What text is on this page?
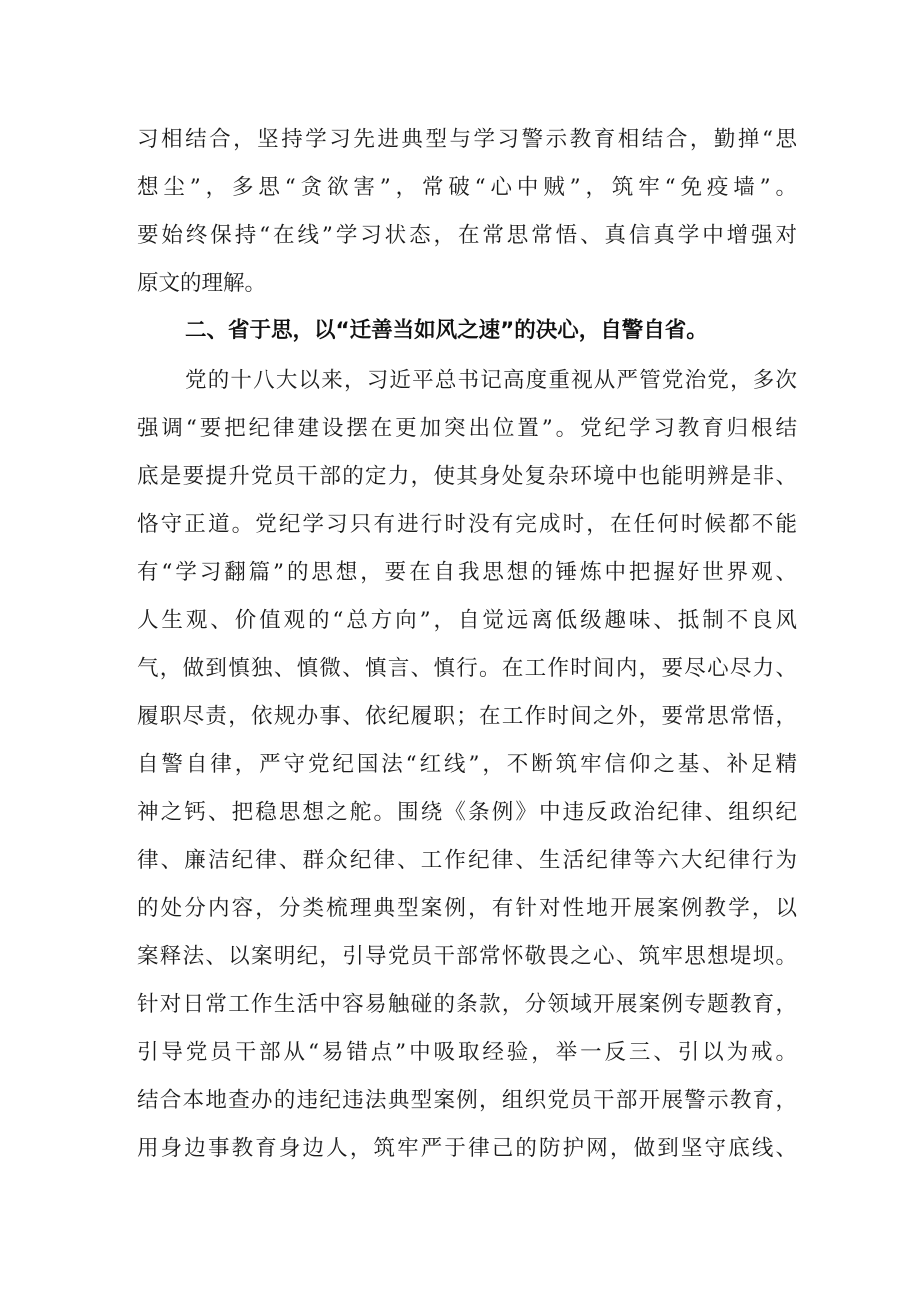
习相结合，坚持学习先进典型与学习警示教育相结合，勤掸“思
想尘”，多思“贪欲害”，常破“心中贼”，筑牢“免疫墙”。
要始终保持“在线”学习状态，在常思常悟、真信真学中增强对
原文的理解。
二、省于思，以“迁善当如风之速”的决心，自警自省。
党的十八大以来，习近平总书记高度重视从严管党治党，多次
强调“要把纪律建设摆在更加突出位置”。党纪学习教育归根结
底是要提升党员干部的定力，使其身处复杂环境中也能明辨是非、
恪守正道。党纪学习只有进行时没有完成时，在任何时候都不能
有“学习翻篇”的思想，要在自我思想的锤炼中把握好世界观、
人生观、价值观的“总方向”，自觉远离低级趣味、抵制不良风
气，做到慎独、慎微、慎言、慎行。在工作时间内，要尽心尽力、
履职尽责，依规办事、依纪履职；在工作时间之外，要常思常悟，
自警自律，严守党纪国法“红线”，不断筑牢信仰之基、补足精
神之钙、把稳思想之舵。围绕《条例》中违反政治纪律、组织纪
律、廉洁纪律、群众纪律、工作纪律、生活纪律等六大纪律行为
的处分内容，分类梳理典型案例，有针对性地开展案例教学，以
案释法、以案明纪，引导党员干部常怀敬畏之心、筑牢思想堤坝。
针对日常工作生活中容易触碰的条款，分领域开展案例专题教育，
引导党员干部从“易错点”中吸取经验，举一反三、引以为戒。
结合本地查办的违纪违法典型案例，组织党员干部开展警示教育，
用身边事教育身边人，筑牢严于律己的防护网，做到坚守底线、
